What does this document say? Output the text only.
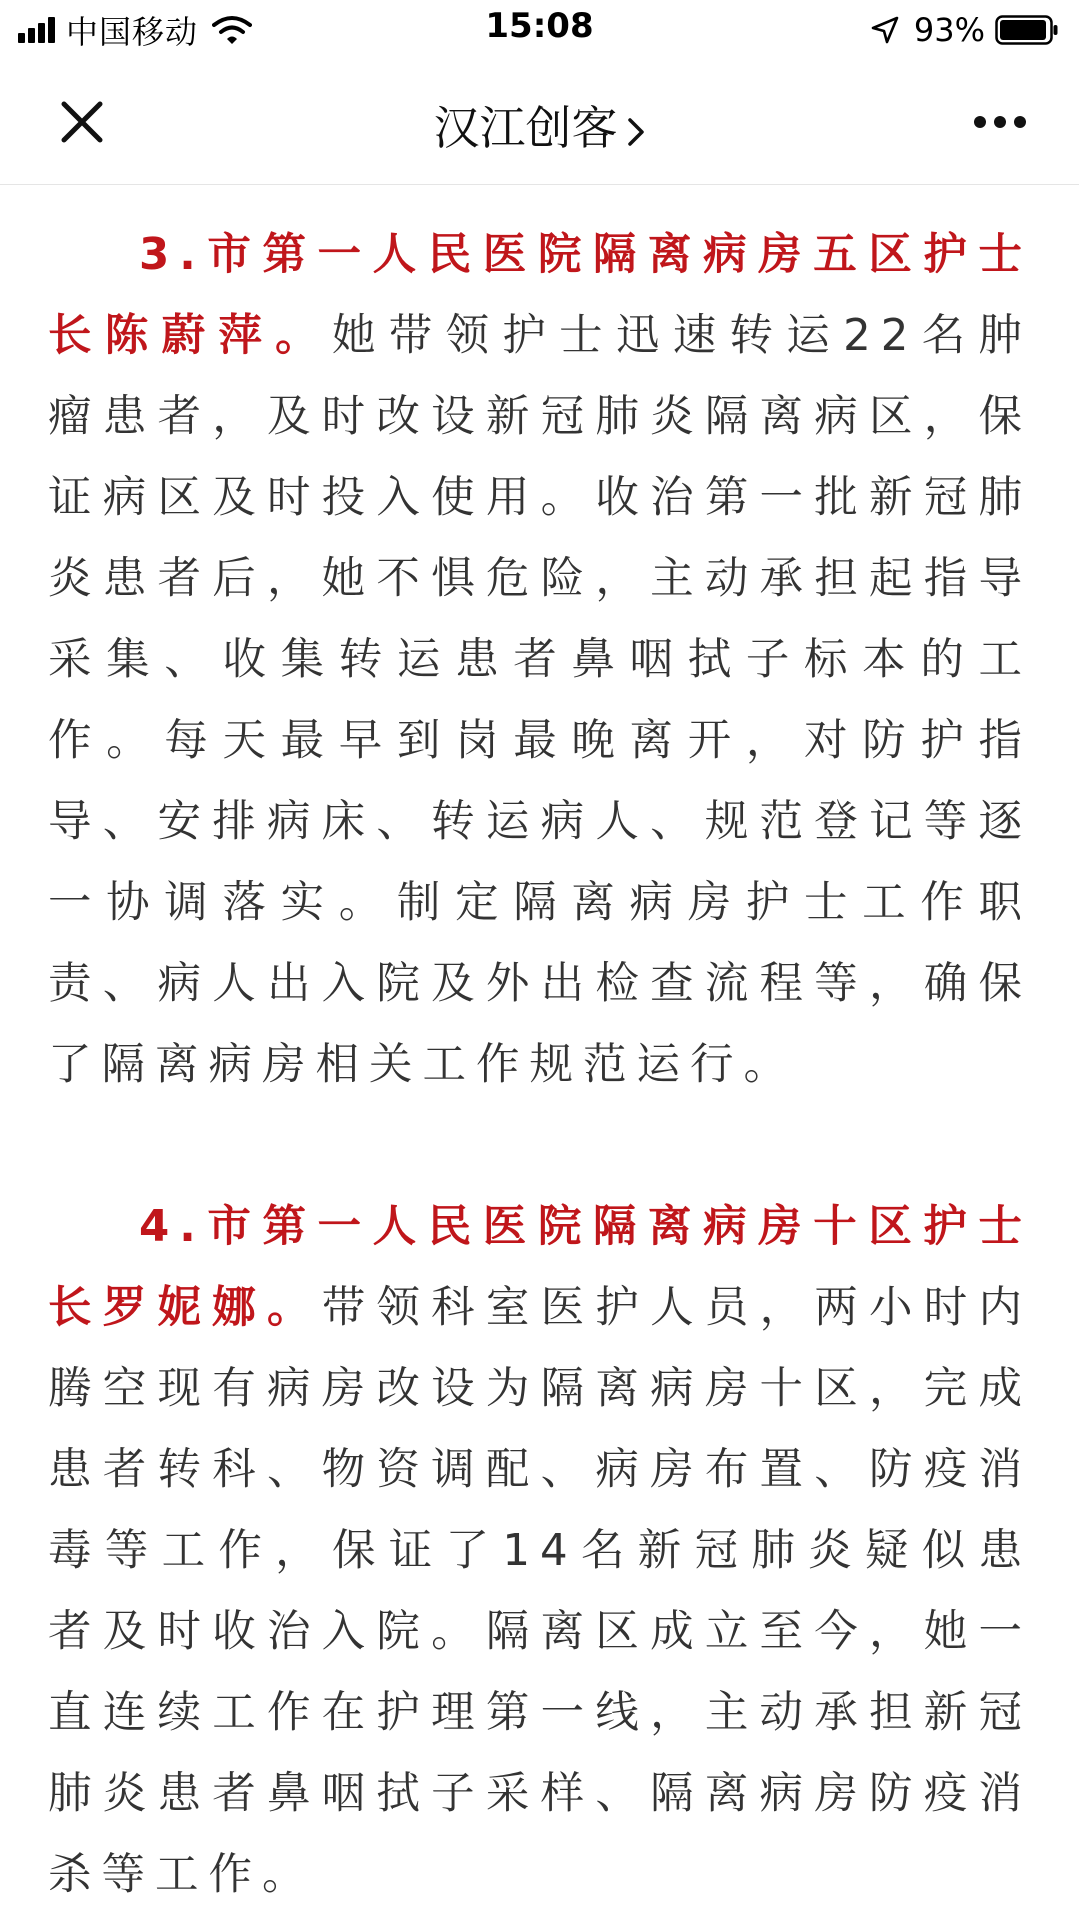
中国移动	15:08	93%
汉江创客

3.市第一人民医院隔离病房五区护士长陈蔚萍。她带领护士迅速转运22名肿瘤患者，及时改设新冠肺炎隔离病区，保证病区及时投入使用。收治第一批新冠肺炎患者后，她不惧危险，主动承担起指导采集、收集转运患者鼻咽拭子标本的工作。每天最早到岗最晚离开，对防护指导、安排病床、转运病人、规范登记等逐一协调落实。制定隔离病房护士工作职责、病人出入院及外出检查流程等，确保了隔离病房相关工作规范运行。

4.市第一人民医院隔离病房十区护士长罗妮娜。带领科室医护人员，两小时内腾空现有病房改设为隔离病房十区，完成患者转科、物资调配、病房布置、防疫消毒等工作，保证了14名新冠肺炎疑似患者及时收治入院。隔离区成立至今，她一直连续工作在护理第一线，主动承担新冠肺炎患者鼻咽拭子采样、隔离病房防疫消杀等工作。
